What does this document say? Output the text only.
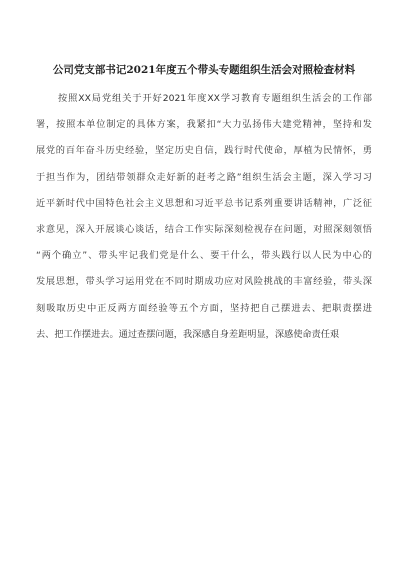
公司党支部书记2021年度五个带头专题组织生活会对照检查材料
按照XX局党组关于开好2021年度XX学习教育专题组织生活会的工作部
署，按照本单位制定的具体方案，我紧扣“大力弘扬伟大建党精神，坚持和发
展党的百年奋斗历史经验，坚定历史自信，践行时代使命，厚植为民情怀，勇
于担当作为，团结带领群众走好新的赶考之路”组织生活会主题，深入学习习
近平新时代中国特色社会主义思想和习近平总书记系列重要讲话精神，广泛征
求意见，深入开展谈心谈话，结合工作实际深刻检视存在问题，对照深刻领悟
“两个确立”、带头牢记我们党是什么、要干什么，带头践行以人民为中心的
发展思想，带头学习运用党在不同时期成功应对风险挑战的丰富经验，带头深
刻吸取历史中正反两方面经验等五个方面，坚持把自己摆进去、把职责摆进
去、把工作摆进去。通过查摆问题，我深感自身差距明显，深感使命责任艰
